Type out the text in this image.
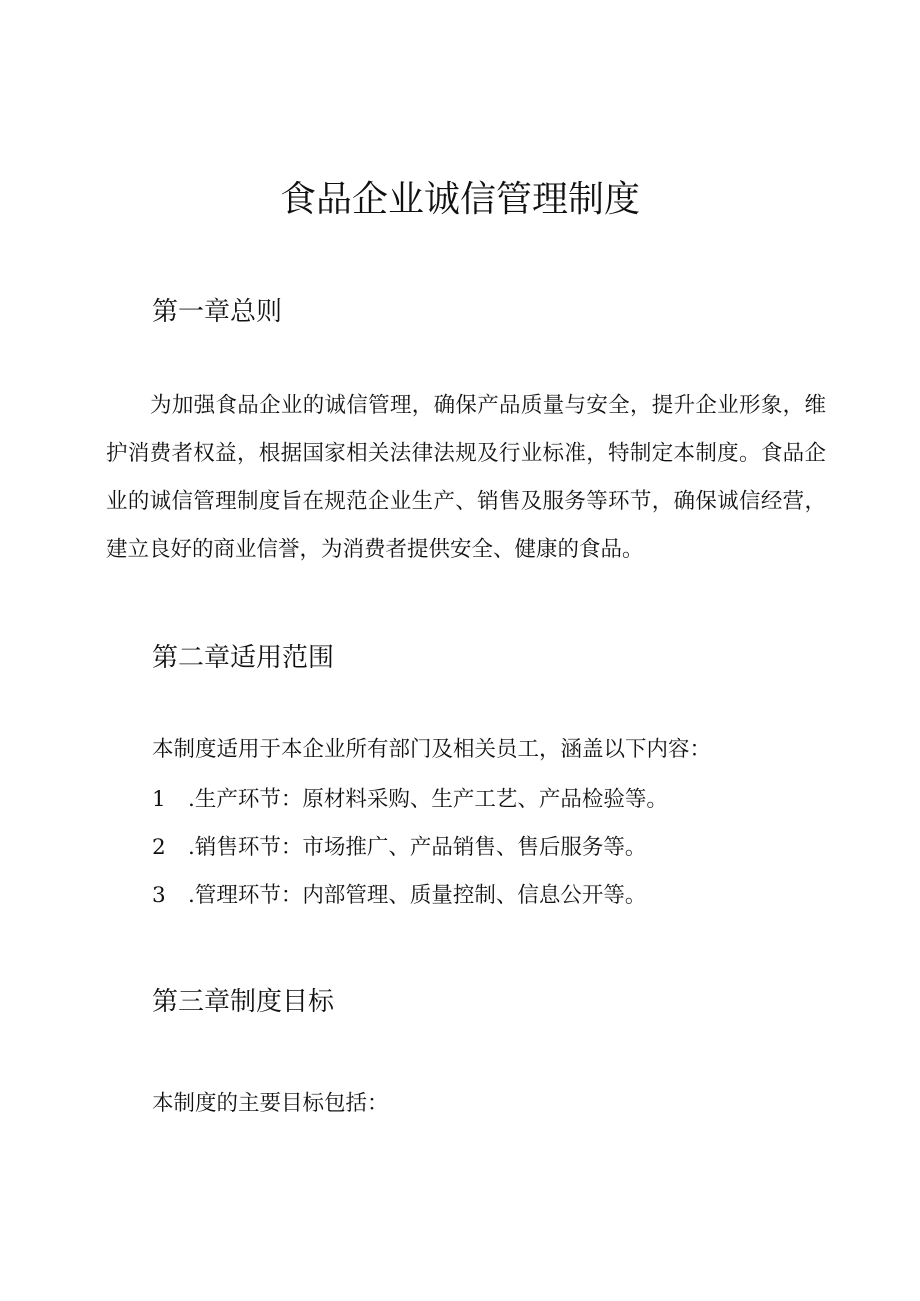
食品企业诚信管理制度
第一章总则

为加强食品企业的诚信管理，确保产品质量与安全，提升企业形象，维护消费者权益，根据国家相关法律法规及行业标准，特制定本制度。食品企业的诚信管理制度旨在规范企业生产、销售及服务等环节，确保诚信经营，建立良好的商业信誉，为消费者提供安全、健康的食品。

第二章适用范围

本制度适用于本企业所有部门及相关员工，涵盖以下内容：

1 .生产环节：原材料采购、生产工艺、产品检验等。
2 .销售环节：市场推广、产品销售、售后服务等。
3 .管理环节：内部管理、质量控制、信息公开等。
第三章制度目标

本制度的主要目标包括：
